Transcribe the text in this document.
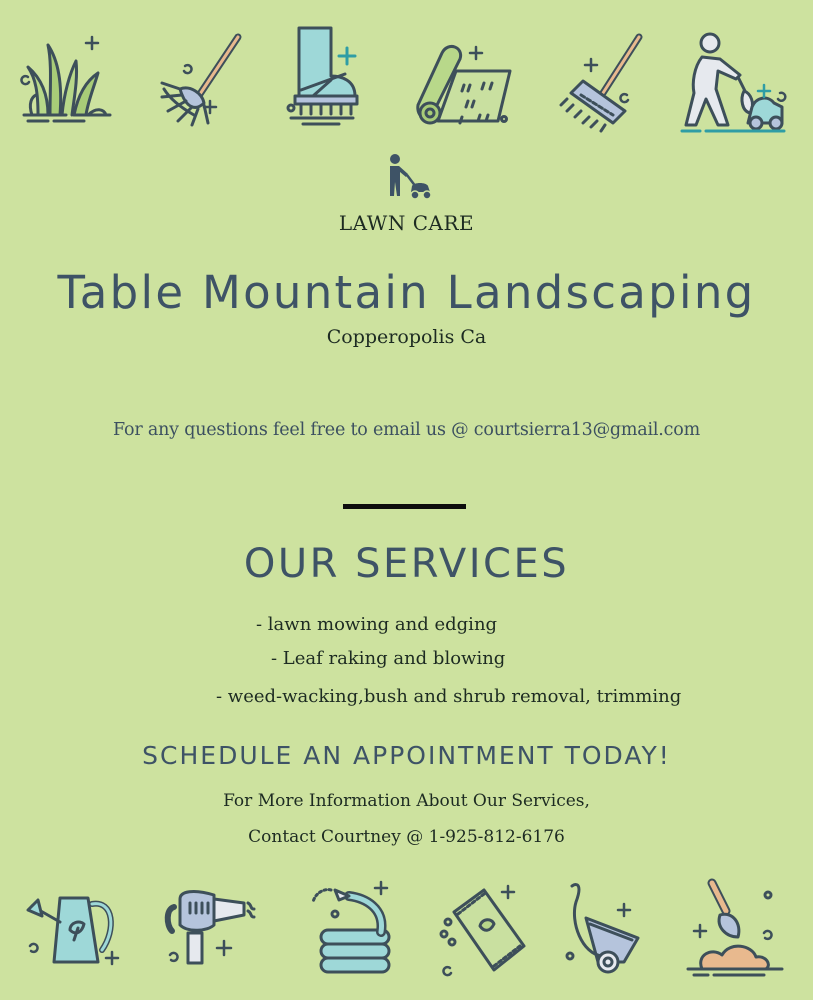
LAWN CARE
Table Mountain Landscaping
Copperopolis Ca
For any questions feel free to email us @ courtsierra13@gmail.com
OUR SERVICES
- lawn mowing and edging
- Leaf raking and blowing
- weed-wacking,bush and shrub removal, trimming
SCHEDULE AN APPOINTMENT TODAY!
For More Information About Our Services,
Contact Courtney @ 1-925-812-6176
